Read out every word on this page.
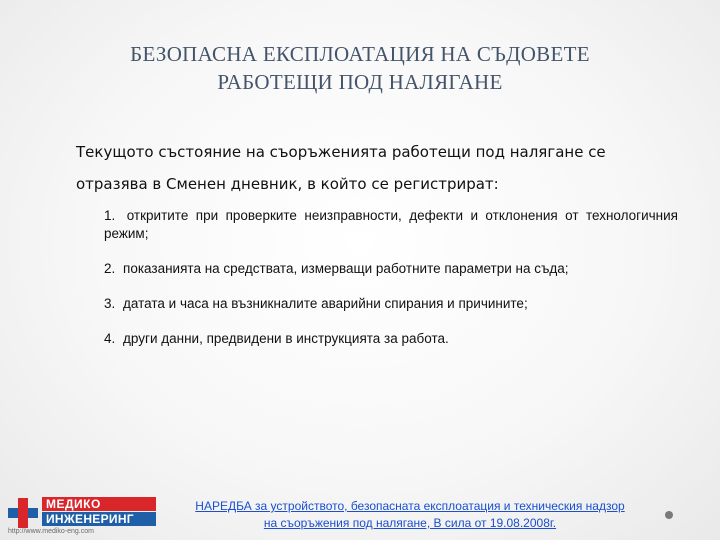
БЕЗОПАСНА ЕКСПЛОАТАЦИЯ НА СЪДОВЕТЕ
РАБОТЕЩИ ПОД НАЛЯГАНЕ
Текущото състояние на съоръженията работещи под налягане се отразява в Сменен дневник, в който се регистрират:
1. откритите при проверките неизправности, дефекти и отклонения от технологичния режим;
2. показанията на средствата, измерващи работните параметри на съда;
3. датата и часа на възникналите аварийни спирания и причините;
4. други данни, предвидени в инструкцията за работа.
МЕДИКО
ИНЖЕНЕРИНГ
http://www.mediko-eng.com
НАРЕДБА за устройството, безопасната експлоатация и техническия надзор
на съоръжения под налягане, В сила от 19.08.2008г.
